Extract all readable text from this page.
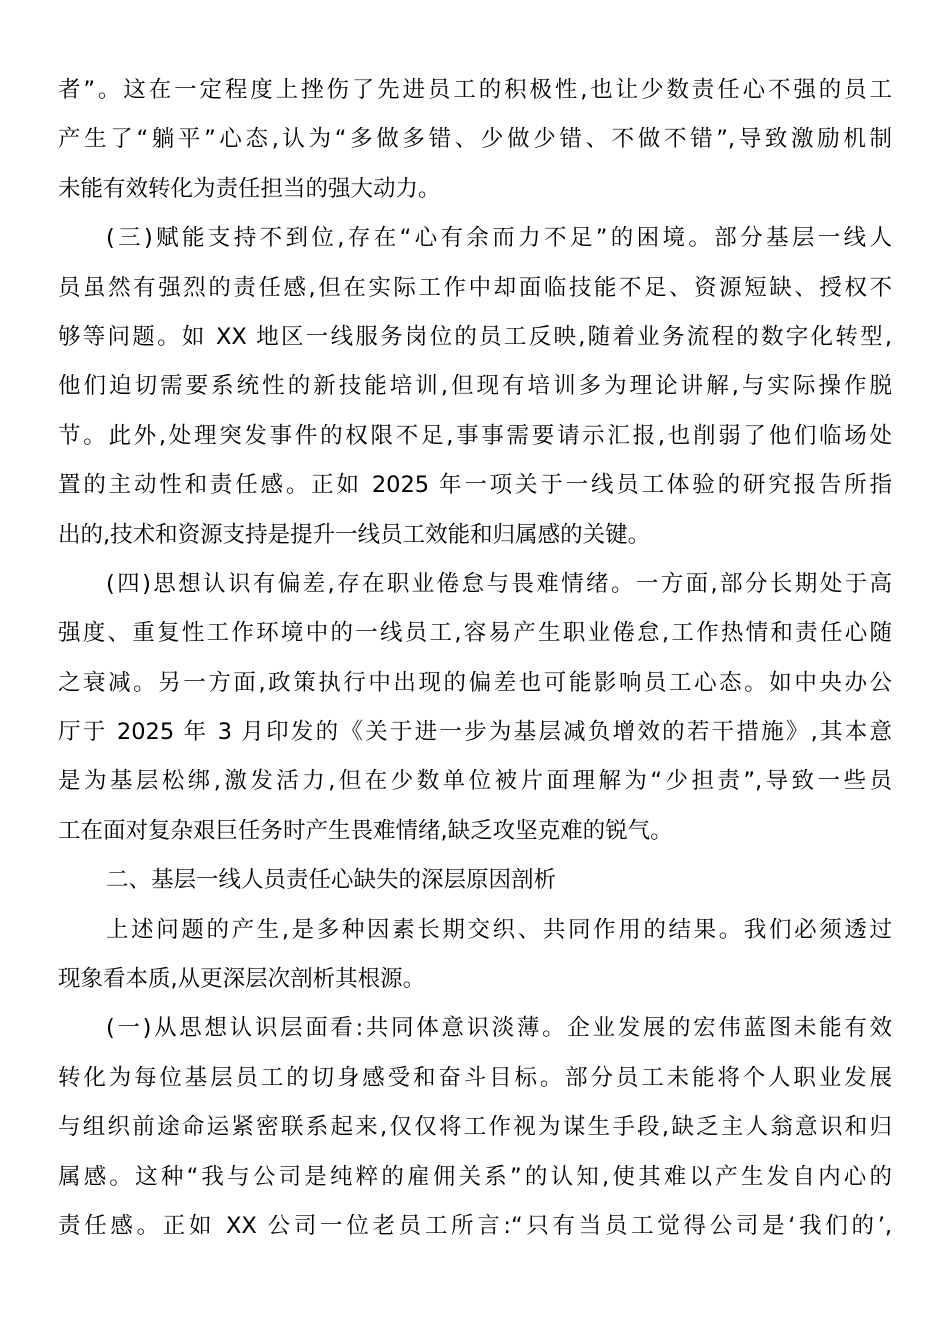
者”。这在一定程度上挫伤了先进员工的积极性,也让少数责任心不强的员工
产生了“躺平”心态,认为“多做多错、少做少错、不做不错”,导致激励机制
未能有效转化为责任担当的强大动力。
(三)赋能支持不到位,存在“心有余而力不足”的困境。部分基层一线人
员虽然有强烈的责任感,但在实际工作中却面临技能不足、资源短缺、授权不
够等问题。如 XX 地区一线服务岗位的员工反映,随着业务流程的数字化转型,
他们迫切需要系统性的新技能培训,但现有培训多为理论讲解,与实际操作脱
节。此外,处理突发事件的权限不足,事事需要请示汇报,也削弱了他们临场处
置的主动性和责任感。正如 2025 年一项关于一线员工体验的研究报告所指
出的,技术和资源支持是提升一线员工效能和归属感的关键。
(四)思想认识有偏差,存在职业倦怠与畏难情绪。一方面,部分长期处于高
强度、重复性工作环境中的一线员工,容易产生职业倦怠,工作热情和责任心随
之衰减。另一方面,政策执行中出现的偏差也可能影响员工心态。如中央办公
厅于 2025 年 3 月印发的《关于进一步为基层减负增效的若干措施》,其本意
是为基层松绑,激发活力,但在少数单位被片面理解为“少担责”,导致一些员
工在面对复杂艰巨任务时产生畏难情绪,缺乏攻坚克难的锐气。
二、基层一线人员责任心缺失的深层原因剖析
上述问题的产生,是多种因素长期交织、共同作用的结果。我们必须透过
现象看本质,从更深层次剖析其根源。
(一)从思想认识层面看:共同体意识淡薄。企业发展的宏伟蓝图未能有效
转化为每位基层员工的切身感受和奋斗目标。部分员工未能将个人职业发展
与组织前途命运紧密联系起来,仅仅将工作视为谋生手段,缺乏主人翁意识和归
属感。这种“我与公司是纯粹的雇佣关系”的认知,使其难以产生发自内心的
责任感。正如 XX 公司一位老员工所言:“只有当员工觉得公司是‘我们的’,
